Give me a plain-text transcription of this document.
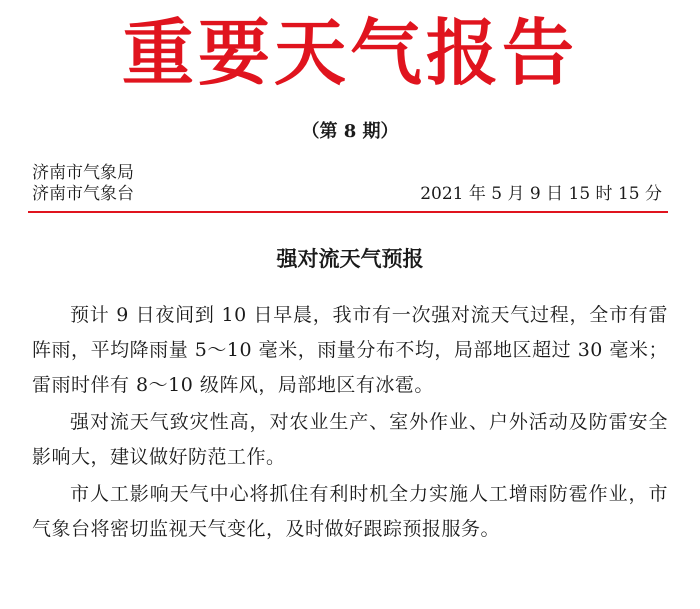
重要天气报告
（第 8 期）
济南市气象局
济南市气象台	2021 年 5 月 9 日 15 时 15 分
强对流天气预报

预计 9 日夜间到 10 日早晨，我市有一次强对流天气过程，全市有雷阵雨，平均降雨量 5～10 毫米，雨量分布不均，局部地区超过 30 毫米；雷雨时伴有 8～10 级阵风，局部地区有冰雹。

强对流天气致灾性高，对农业生产、室外作业、户外活动及防雷安全影响大，建议做好防范工作。

市人工影响天气中心将抓住有利时机全力实施人工增雨防雹作业，市气象台将密切监视天气变化，及时做好跟踪预报服务。
